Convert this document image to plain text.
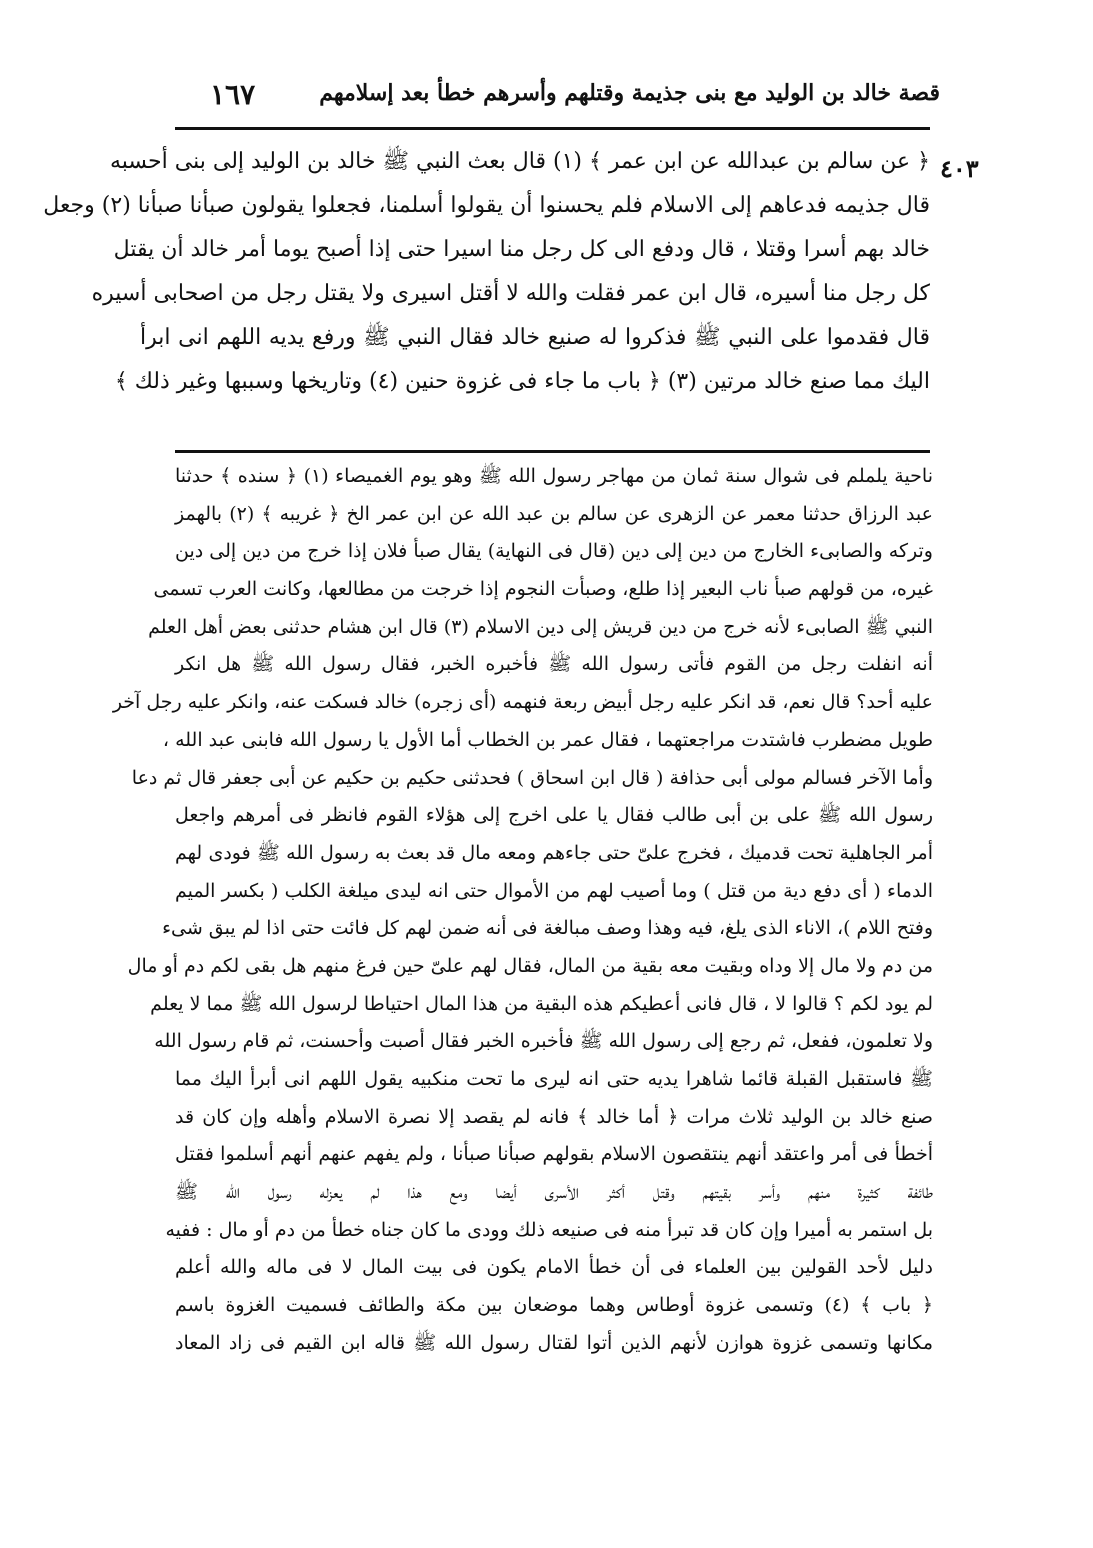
قصة خالد بن الوليد مع بنى جذيمة وقتلهم وأسرهم خطأ بعد إسلامهم
١٦٧
٤٠٣
﴿ عن سالم بن عبدالله عن ابن عمر ﴾ (١) قال بعث النبي ﷺ خالد بن الوليد إلى بنى أحسبه
قال جذيمه فدعاهم إلى الاسلام فلم يحسنوا أن يقولوا أسلمنا، فجعلوا يقولون صبأنا صبأنا (٢) وجعل
خالد بهم أسرا وقتلا ، قال ودفع الى كل رجل منا اسيرا حتى إذا أصبح يوما أمر خالد أن يقتل
كل رجل منا أسيره، قال ابن عمر فقلت والله لا أقتل اسيرى ولا يقتل رجل من اصحابى أسيره
قال فقدموا على النبي ﷺ فذكروا له صنيع خالد فقال النبي ﷺ ورفع يديه اللهم انى ابرأ
اليك مما صنع خالد مرتين (٣) ﴿ باب ما جاء فى غزوة حنين (٤) وتاريخها وسببها وغير ذلك ﴾
ناحية يلملم فى شوال سنة ثمان من مهاجر رسول الله ﷺ وهو يوم الغميصاء (١) ﴿ سنده ﴾ حدثنا
عبد الرزاق حدثنا معمر عن الزهرى عن سالم بن عبد الله عن ابن عمر الخ ﴿ غريبه ﴾ (٢) بالهمز
وتركه والصابىء الخارج من دين إلى دين (قال فى النهاية) يقال صبأ فلان إذا خرج من دين إلى دين
غيره، من قولهم صبأ ناب البعير إذا طلع، وصبأت النجوم إذا خرجت من مطالعها، وكانت العرب تسمى
النبي ﷺ الصابىء لأنه خرج من دين قريش إلى دين الاسلام (٣) قال ابن هشام حدثنى بعض أهل العلم
أنه انفلت رجل من القوم فأتى رسول الله ﷺ فأخبره الخبر، فقال رسول الله ﷺ هل انكر
عليه أحد؟ قال نعم، قد انكر عليه رجل أبيض ربعة فنهمه (أى زجره) خالد فسكت عنه، وانكر عليه رجل آخر
طويل مضطرب فاشتدت مراجعتهما ، فقال عمر بن الخطاب أما الأول يا رسول الله فابنى عبد الله ،
وأما الآخر فسالم مولى أبى حذافة ( قال ابن اسحاق ) فحدثنى حكيم بن حكيم عن أبى جعفر قال ثم دعا
رسول الله ﷺ على بن أبى طالب فقال يا على اخرج إلى هؤلاء القوم فانظر فى أمرهم واجعل
أمر الجاهلية تحت قدميك ، فخرج علىّ حتى جاءهم ومعه مال قد بعث به رسول الله ﷺ فودى لهم
الدماء ( أى دفع دية من قتل ) وما أصيب لهم من الأموال حتى انه ليدى ميلغة الكلب ( بكسر الميم
وفتح اللام )، الاناء الذى يلغ، فيه وهذا وصف مبالغة فى أنه ضمن لهم كل فائت حتى اذا لم يبق شىء
من دم ولا مال إلا وداه وبقيت معه بقية من المال، فقال لهم علىّ حين فرغ منهم هل بقى لكم دم أو مال
لم يود لكم ؟ قالوا لا ، قال فانى أعطيكم هذه البقية من هذا المال احتياطا لرسول الله ﷺ مما لا يعلم
ولا تعلمون، ففعل، ثم رجع إلى رسول الله ﷺ فأخبره الخبر فقال أصبت وأحسنت، ثم قام رسول الله
ﷺ فاستقبل القبلة قائما شاهرا يديه حتى انه ليرى ما تحت منكبيه يقول اللهم انى أبرأ اليك مما
صنع خالد بن الوليد ثلاث مرات ﴿ أما خالد ﴾ فانه لم يقصد إلا نصرة الاسلام وأهله وإن كان قد
أخطأ فى أمر واعتقد أنهم ينتقصون الاسلام بقولهم صبأنا صبأنا ، ولم يفهم عنهم أنهم أسلموا فقتل
طائفة كثيرة منهم وأسر بقيتهم وقتل أكثر الأسرى أيضا ومع هذا لم يعزله رسول الله ﷺ
بل استمر به أميرا وإن كان قد تبرأ منه فى صنيعه ذلك وودى ما كان جناه خطأ من دم أو مال : ففيه
دليل لأحد القولين بين العلماء فى أن خطأ الامام يكون فى بيت المال لا فى ماله والله أعلم
﴿ باب ﴾ (٤) وتسمى غزوة أوطاس وهما موضعان بين مكة والطائف فسميت الغزوة باسم
مكانها وتسمى غزوة هوازن لأنهم الذين أتوا لقتال رسول الله ﷺ قاله ابن القيم فى زاد المعاد
